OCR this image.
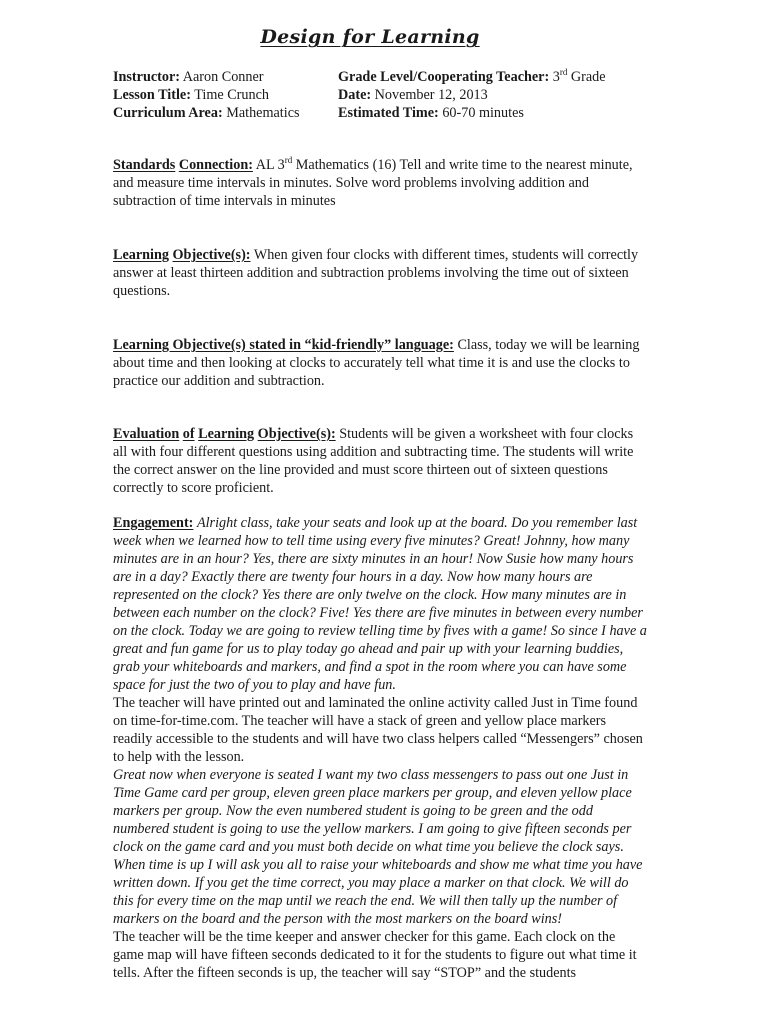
Design for Learning
Instructor: Aaron Conner	Grade Level/Cooperating Teacher: 3rd Grade
Lesson Title: Time Crunch	Date: November 12, 2013
Curriculum Area: Mathematics	Estimated Time: 60-70 minutes

Standards Connection: AL 3rd Mathematics (16) Tell and write time to the nearest minute, and measure time intervals in minutes. Solve word problems involving addition and subtraction of time intervals in minutes

Learning Objective(s): When given four clocks with different times, students will correctly answer at least thirteen addition and subtraction problems involving the time out of sixteen questions.

Learning Objective(s) stated in “kid-friendly” language: Class, today we will be learning about time and then looking at clocks to accurately tell what time it is and use the clocks to practice our addition and subtraction.

Evaluation of Learning Objective(s): Students will be given a worksheet with four clocks all with four different questions using addition and subtracting time. The students will write the correct answer on the line provided and must score thirteen out of sixteen questions correctly to score proficient.

Engagement: Alright class, take your seats and look up at the board. Do you remember last week when we learned how to tell time using every five minutes? Great! Johnny, how many minutes are in an hour? Yes, there are sixty minutes in an hour! Now Susie how many hours are in a day? Exactly there are twenty four hours in a day. Now how many hours are represented on the clock? Yes there are only twelve on the clock. How many minutes are in between each number on the clock? Five! Yes there are five minutes in between every number on the clock. Today we are going to review telling time by fives with a game! So since I have a great and fun game for us to play today go ahead and pair up with your learning buddies, grab your whiteboards and markers, and find a spot in the room where you can have some space for just the two of you to play and have fun.

The teacher will have printed out and laminated the online activity called Just in Time found on time-for-time.com. The teacher will have a stack of green and yellow place markers readily accessible to the students and will have two class helpers called “Messengers” chosen to help with the lesson.

Great now when everyone is seated I want my two class messengers to pass out one Just in Time Game card per group, eleven green place markers per group, and eleven yellow place markers per group. Now the even numbered student is going to be green and the odd numbered student is going to use the yellow markers. I am going to give fifteen seconds per clock on the game card and you must both decide on what time you believe the clock says. When time is up I will ask you all to raise your whiteboards and show me what time you have written down. If you get the time correct, you may place a marker on that clock. We will do this for every time on the map until we reach the end. We will then tally up the number of markers on the board and the person with the most markers on the board wins!

The teacher will be the time keeper and answer checker for this game. Each clock on the game map will have fifteen seconds dedicated to it for the students to figure out what time it tells. After the fifteen seconds is up, the teacher will say “STOP” and the students
